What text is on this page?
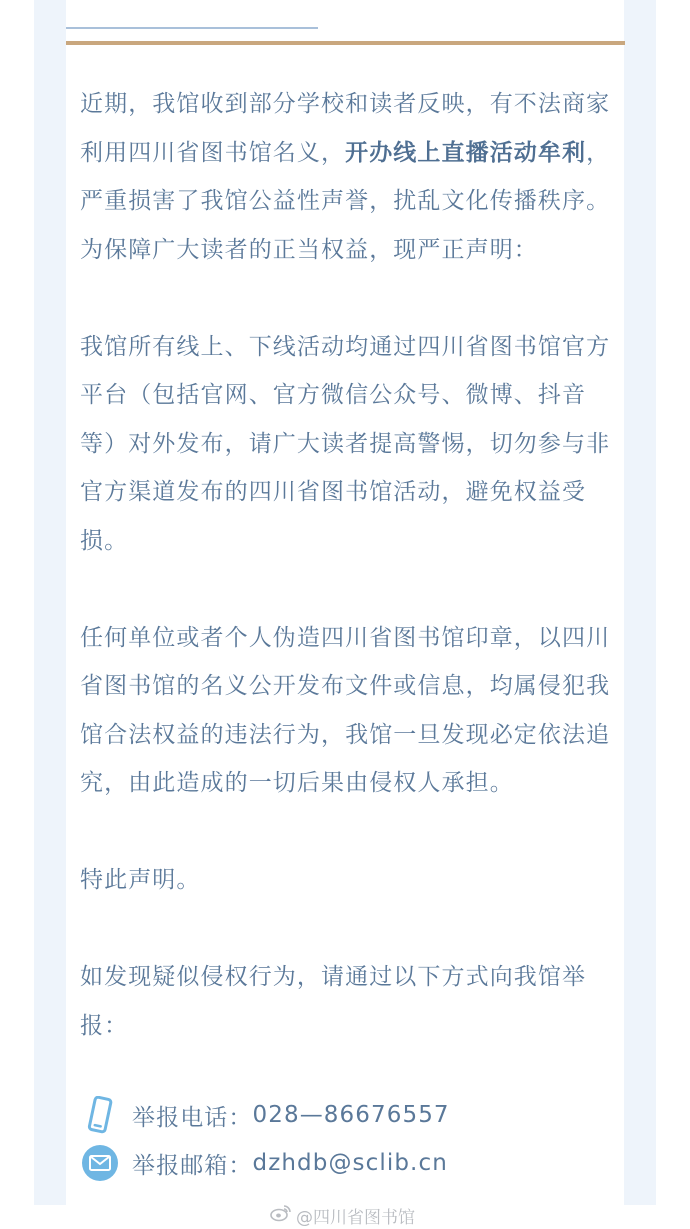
近期，我馆收到部分学校和读者反映，有不法商家利用四川省图书馆名义，开办线上直播活动牟利，严重损害了我馆公益性声誉，扰乱文化传播秩序。为保障广大读者的正当权益，现严正声明：

我馆所有线上、下线活动均通过四川省图书馆官方平台（包括官网、官方微信公众号、微博、抖音等）对外发布，请广大读者提高警惕，切勿参与非官方渠道发布的四川省图书馆活动，避免权益受损。

任何单位或者个人伪造四川省图书馆印章，以四川省图书馆的名义公开发布文件或信息，均属侵犯我馆合法权益的违法行为，我馆一旦发现必定依法追究，由此造成的一切后果由侵权人承担。

特此声明。

如发现疑似侵权行为，请通过以下方式向我馆举报：

举报电话： 028—86676557
举报邮箱： dzhdb@sclib.cn
@四川省图书馆
